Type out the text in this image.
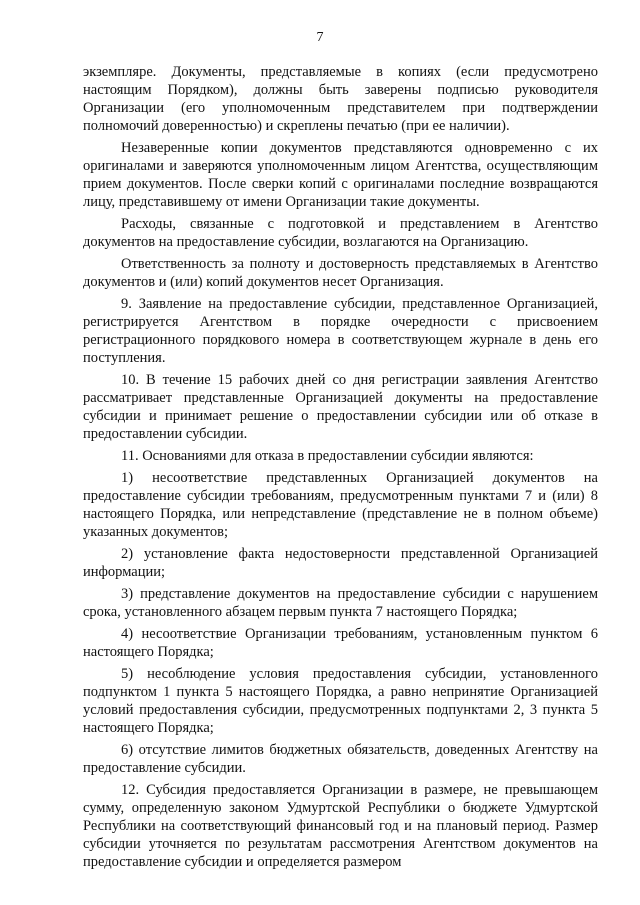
7

экземпляре. Документы, представляемые в копиях (если предусмотрено настоящим Порядком), должны быть заверены подписью руководителя Организации (его уполномоченным представителем при подтверждении полномочий доверенностью) и скреплены печатью (при ее наличии).

Незаверенные копии документов представляются одновременно с их оригиналами и заверяются уполномоченным лицом Агентства, осуществляющим прием документов. После сверки копий с оригиналами последние возвращаются лицу, представившему от имени Организации такие документы.

Расходы, связанные с подготовкой и представлением в Агентство документов на предоставление субсидии, возлагаются на Организацию.

Ответственность за полноту и достоверность представляемых в Агентство документов и (или) копий документов несет Организация.

9. Заявление на предоставление субсидии, представленное Организацией, регистрируется Агентством в порядке очередности с присвоением регистрационного порядкового номера в соответствующем журнале в день его поступления.

10. В течение 15 рабочих дней со дня регистрации заявления Агентство рассматривает представленные Организацией документы на предоставление субсидии и принимает решение о предоставлении субсидии или об отказе в предоставлении субсидии.

11. Основаниями для отказа в предоставлении субсидии являются:

1) несоответствие представленных Организацией документов на предоставление субсидии требованиям, предусмотренным пунктами 7 и (или) 8 настоящего Порядка, или непредставление (представление не в полном объеме) указанных документов;

2) установление факта недостоверности представленной Организацией информации;

3) представление документов на предоставление субсидии с нарушением срока, установленного абзацем первым пункта 7 настоящего Порядка;

4) несоответствие Организации требованиям, установленным пунктом 6 настоящего Порядка;

5) несоблюдение условия предоставления субсидии, установленного подпунктом 1 пункта 5 настоящего Порядка, а равно непринятие Организацией условий предоставления субсидии, предусмотренных подпунктами 2, 3 пункта 5 настоящего Порядка;

6) отсутствие лимитов бюджетных обязательств, доведенных Агентству на предоставление субсидии.

12. Субсидия предоставляется Организации в размере, не превышающем сумму, определенную законом Удмуртской Республики о бюджете Удмуртской Республики на соответствующий финансовый год и на плановый период. Размер субсидии уточняется по результатам рассмотрения Агентством документов на предоставление субсидии и определяется размером
